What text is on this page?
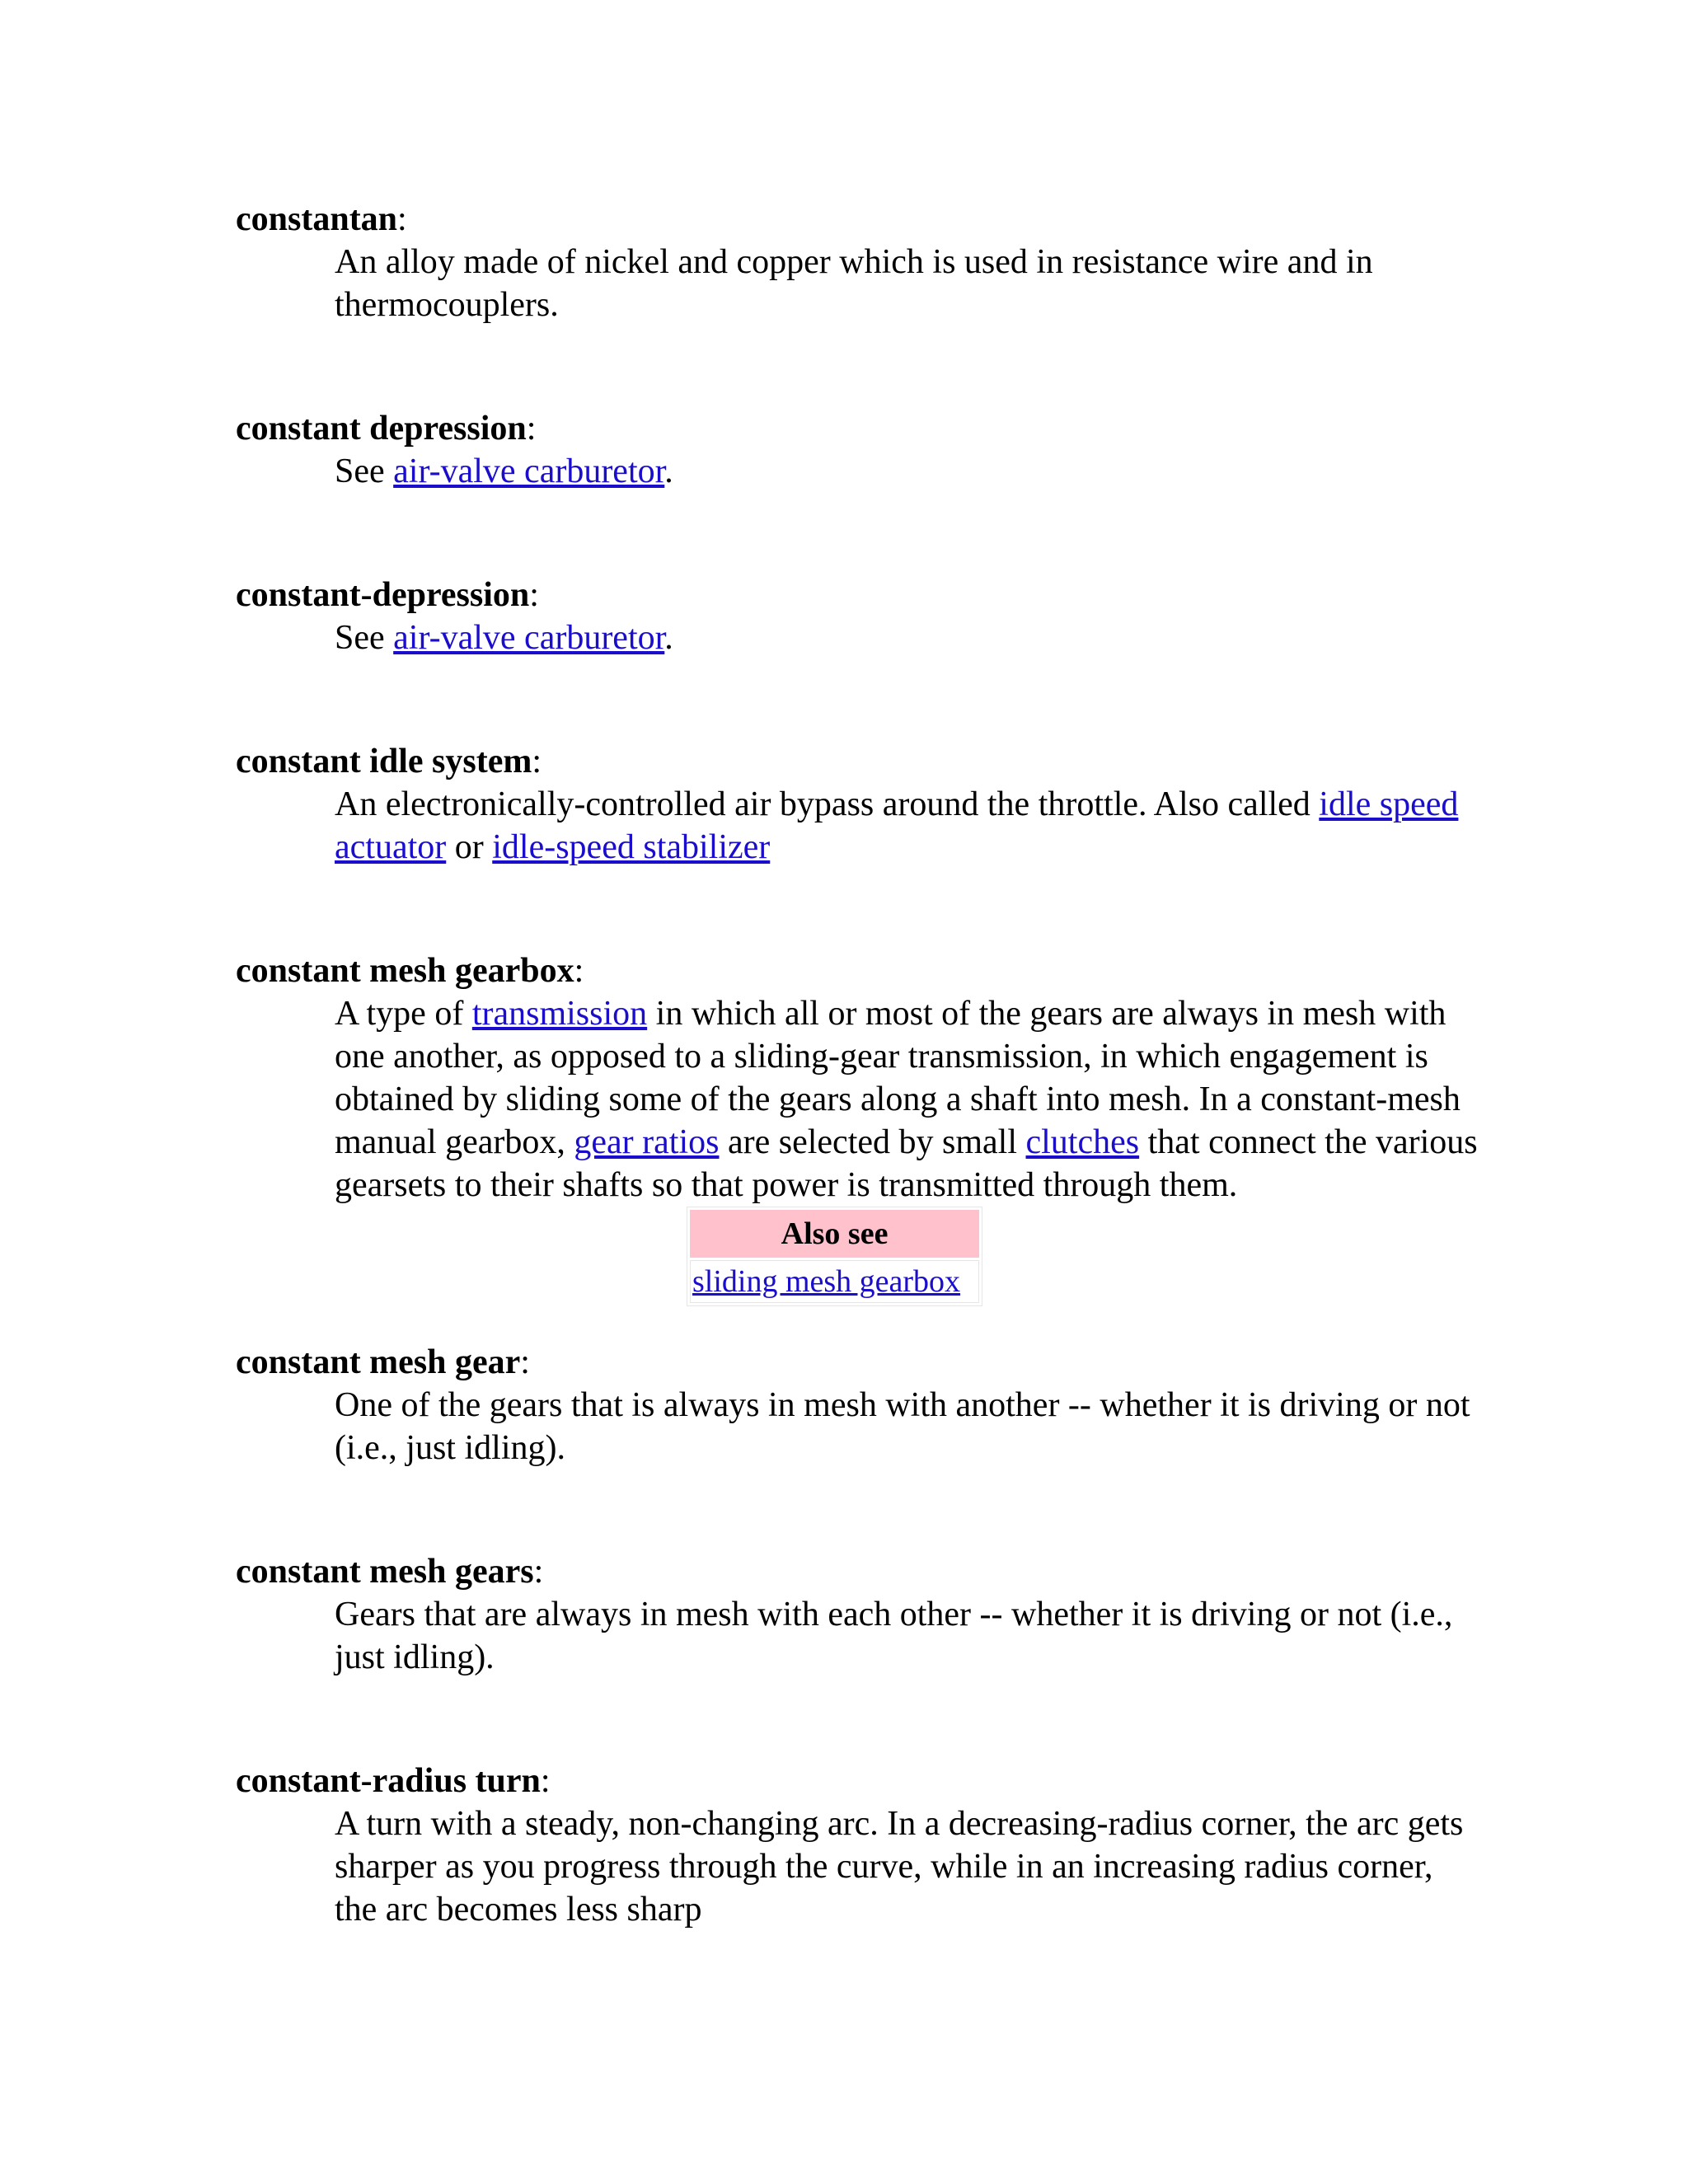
constantan:
An alloy made of nickel and copper which is used in resistance wire and in thermocouplers.
constant depression:
See air-valve carburetor.
constant-depression:
See air-valve carburetor.
constant idle system:
An electronically-controlled air bypass around the throttle. Also called idle speed actuator or idle-speed stabilizer
constant mesh gearbox:
A type of transmission in which all or most of the gears are always in mesh with one another, as opposed to a sliding-gear transmission, in which engagement is obtained by sliding some of the gears along a shaft into mesh. In a constant-mesh manual gearbox, gear ratios are selected by small clutches that connect the various gearsets to their shafts so that power is transmitted through them.
Also see
sliding mesh gearbox
constant mesh gear:
One of the gears that is always in mesh with another -- whether it is driving or not (i.e., just idling).
constant mesh gears:
Gears that are always in mesh with each other -- whether it is driving or not (i.e., just idling).
constant-radius turn:
A turn with a steady, non-changing arc. In a decreasing-radius corner, the arc gets sharper as you progress through the curve, while in an increasing radius corner, the arc becomes less sharp
